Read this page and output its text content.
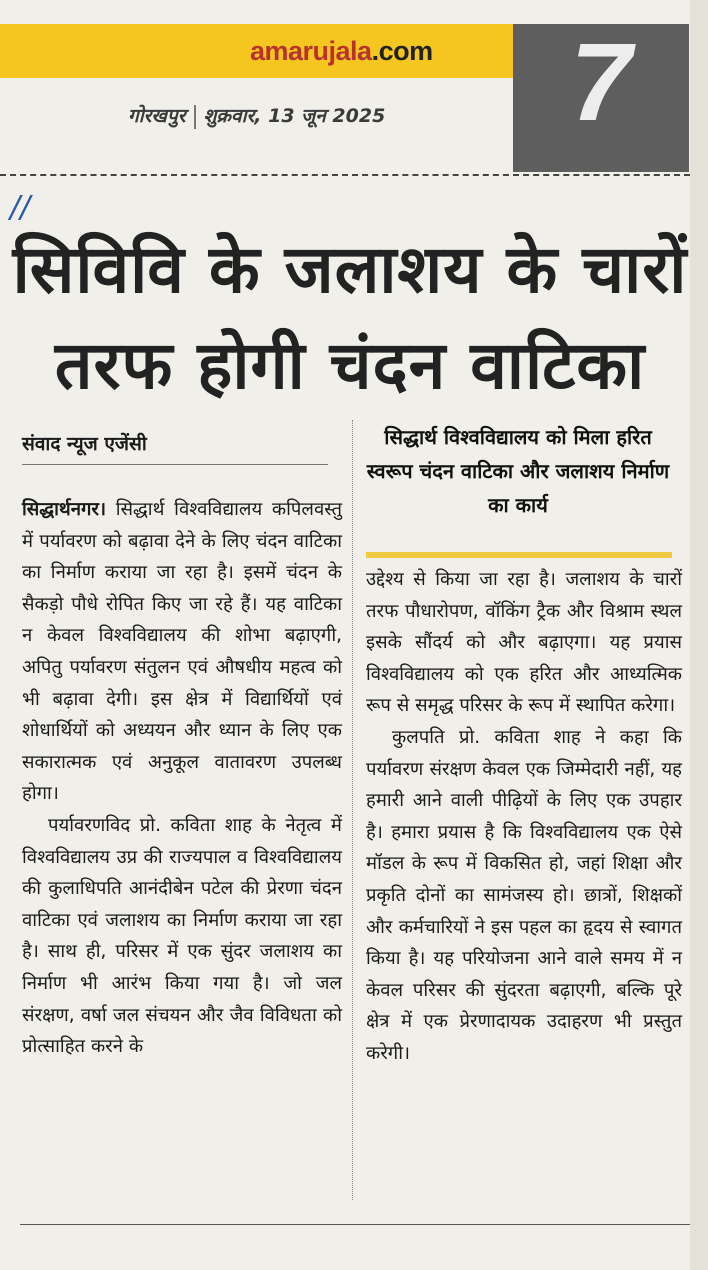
amarujala.com	7
गोरखपुर शुक्रवार, 13 जून 2025
//
सिविवि के जलाशय के चारों तरफ होगी चंदन वाटिका
संवाद न्यूज एजेंसी

सिद्धार्थनगर। सिद्धार्थ विश्वविद्यालय कपिलवस्तु में पर्यावरण को बढ़ावा देने के लिए चंदन वाटिका का निर्माण कराया जा रहा है। इसमें चंदन के सैकड़ो पौधे रोपित किए जा रहे हैं। यह वाटिका न केवल विश्वविद्यालय की शोभा बढ़ाएगी, अपितु पर्यावरण संतुलन एवं औषधीय महत्व को भी बढ़ावा देगी। इस क्षेत्र में विद्यार्थियों एवं शोधार्थियों को अध्ययन और ध्यान के लिए एक सकारात्मक एवं अनुकूल वातावरण उपलब्ध होगा।

पर्यावरणविद प्रो. कविता शाह के नेतृत्व में विश्वविद्यालय उप्र की राज्यपाल व विश्वविद्यालय की कुलाधिपति आनंदीबेन पटेल की प्रेरणा चंदन वाटिका एवं जलाशय का निर्माण कराया जा रहा है। साथ ही, परिसर में एक सुंदर जलाशय का निर्माण भी आरंभ किया गया है। जो जल संरक्षण, वर्षा जल संचयन और जैव विविधता को प्रोत्साहित करने के

सिद्धार्थ विश्वविद्यालय को मिला हरित स्वरूप चंदन वाटिका और जलाशय निर्माण का कार्य

उद्देश्य से किया जा रहा है। जलाशय के चारों तरफ पौधारोपण, वॉकिंग ट्रैक और विश्राम स्थल इसके सौंदर्य को और बढ़ाएगा। यह प्रयास विश्वविद्यालय को एक हरित और आध्यत्मिक रूप से समृद्ध परिसर के रूप में स्थापित करेगा।

कुलपति प्रो. कविता शाह ने कहा कि पर्यावरण संरक्षण केवल एक जिम्मेदारी नहीं, यह हमारी आने वाली पीढ़ियों के लिए एक उपहार है। हमारा प्रयास है कि विश्वविद्यालय एक ऐसे मॉडल के रूप में विकसित हो, जहां शिक्षा और प्रकृति दोनों का सामंजस्य हो। छात्रों, शिक्षकों और कर्मचारियों ने इस पहल का हृदय से स्वागत किया है। यह परियोजना आने वाले समय में न केवल परिसर की सुंदरता बढ़ाएगी, बल्कि पूरे क्षेत्र में एक प्रेरणादायक उदाहरण भी प्रस्तुत करेगी।
